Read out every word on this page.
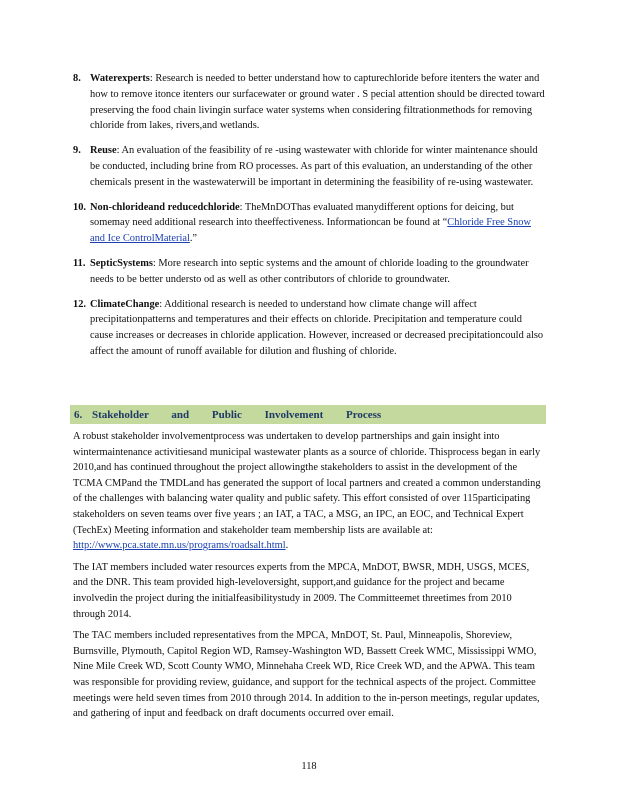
8. Waterexperts: Research is needed to better understand how to capturechloride before itenters the water and how to remove itonce itenters our surfacewater or ground water . S pecial attention should be directed toward preserving the food chain livingin surface water systems when considering filtrationmethods for removing chloride from lakes, rivers,and wetlands.
9. Reuse: An evaluation of the feasibility of re -using wastewater with chloride for winter maintenance should be conducted, including brine from RO processes. As part of this evaluation, an understanding of the other chemicals present in the wastewaterwill be important in determining the feasibility of re-using wastewater.
10. Non-chlorideand reducedchloride: TheMnDOThas evaluated manydifferent options for deicing, but somemay need additional research into theeffectiveness. Informationcan be found at “Chloride Free Snow and Ice ControlMaterial.”
11. SepticSystems: More research into septic systems and the amount of chloride loading to the groundwater needs to be better understo od as well as other contributors of chloride to groundwater.
12. ClimateChange: Additional research is needed to understand how climate change will affect precipitationpatterns and temperatures and their effects on chloride. Precipitation and temperature could cause increases or decreases in chloride application. However, increased or decreased precipitationcould also affect the amount of runoff available for dilution and flushing of chloride.
6. Stakeholder and Public Involvement Process

A robust stakeholder involvementprocess was undertaken to develop partnerships and gain insight into wintermaintenance activitiesand municipal wastewater plants as a source of chloride. Thisprocess began in early 2010,and has continued throughout the project allowingthe stakeholders to assist in the development of the TCMA CMPand the TMDLand has generated the support of local partners and created a common understanding of the challenges with balancing water quality and public safety. This effort consisted of over 115participating stakeholders on seven teams over five years ; an IAT, a TAC, a MSG, an IPC, an EOC, and Technical Expert (TechEx) Meeting information and stakeholder team membership lists are available at: http://www.pca.state.mn.us/programs/roadsalt.html.

The IAT members included water resources experts from the MPCA, MnDOT, BWSR, MDH, USGS, MCES, and the DNR. This team provided high-leveloversight, support,and guidance for the project and became involvedin the project during the initialfeasibilitystudy in 2009. The Committeemet threetimes from 2010 through 2014.

The TAC members included representatives from the MPCA, MnDOT, St. Paul, Minneapolis, Shoreview, Burnsville, Plymouth, Capitol Region WD, Ramsey-Washington WD, Bassett Creek WMC, Mississippi WMO, Nine Mile Creek WD, Scott County WMO, Minnehaha Creek WD, Rice Creek WD, and the APWA. This team was responsible for providing review, guidance, and support for the technical aspects of the project. Committee meetings were held seven times from 2010 through 2014. In addition to the in-person meetings, regular updates, and gathering of input and feedback on draft documents occurred over email.

118
